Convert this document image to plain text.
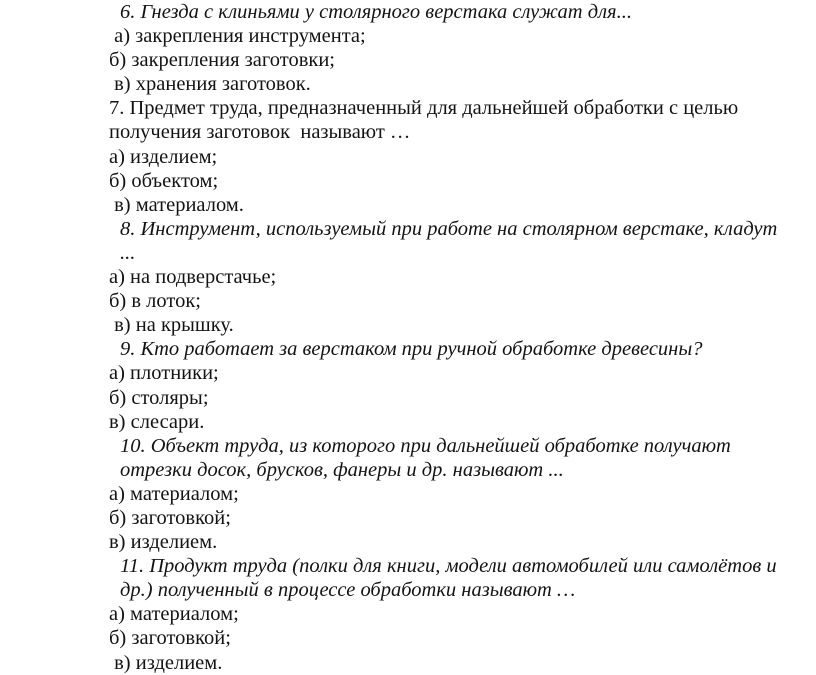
6. Гнезда с клиньями у столярного верстака служат для...
а) закрепления инструмента;
б) закрепления заготовки;
в) хранения заготовок.
7. Предмет труда, предназначенный для дальнейшей обработки с целью
получения заготовок  называют …
а) изделием;
б) объектом;
в) материалом.
8. Инструмент, используемый при работе на столярном верстаке, кладут
...
а) на подверстачье;
б) в лоток;
в) на крышку.
9. Кто работает за верстаком при ручной обработке древесины?
а) плотники;
б) столяры;
в) слесари.
10. Объект труда, из которого при дальнейшей обработке получают
отрезки досок, брусков, фанеры и др. называют ...
а) материалом;
б) заготовкой;
в) изделием.
11. Продукт труда (полки для книги, модели автомобилей или самолётов и
др.) полученный в процессе обработки называют …
а) материалом;
б) заготовкой;
в) изделием.
